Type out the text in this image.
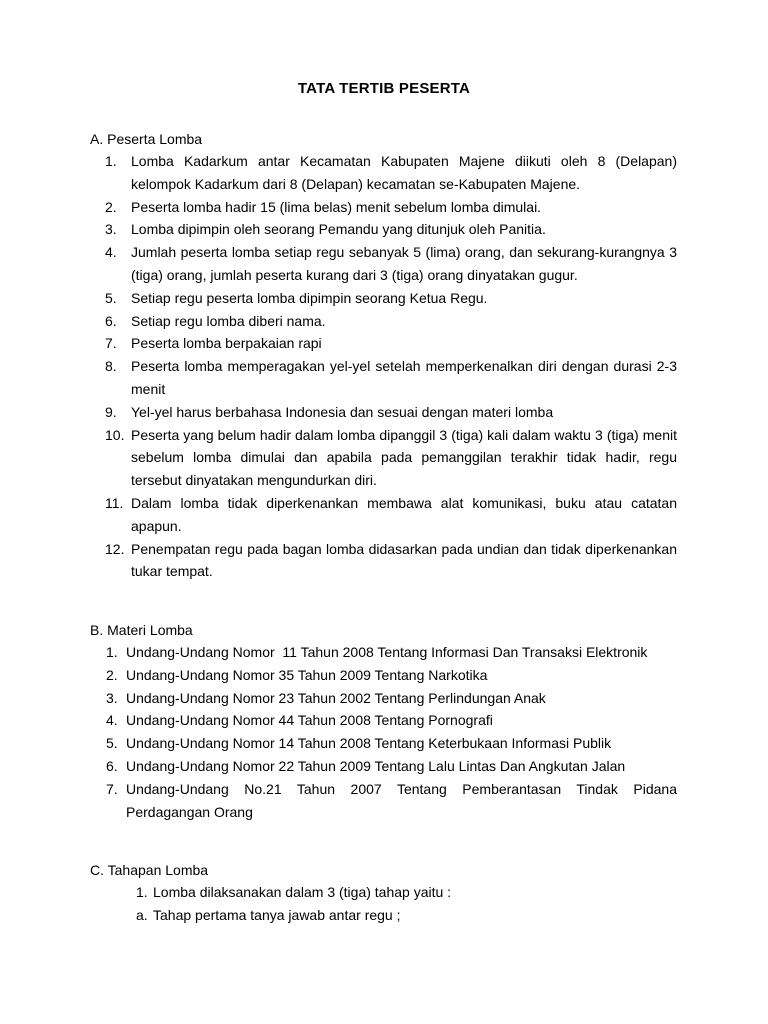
TATA TERTIB PESERTA
A. Peserta Lomba
1. Lomba Kadarkum antar Kecamatan Kabupaten Majene diikuti oleh 8 (Delapan) kelompok Kadarkum dari 8 (Delapan) kecamatan se-Kabupaten Majene.
2. Peserta lomba hadir 15 (lima belas) menit sebelum lomba dimulai.
3. Lomba dipimpin oleh seorang Pemandu yang ditunjuk oleh Panitia.
4. Jumlah peserta lomba setiap regu sebanyak 5 (lima) orang, dan sekurang-kurangnya 3 (tiga) orang, jumlah peserta kurang dari 3 (tiga) orang dinyatakan gugur.
5. Setiap regu peserta lomba dipimpin seorang Ketua Regu.
6. Setiap regu lomba diberi nama.
7. Peserta lomba berpakaian rapi
8. Peserta lomba memperagakan yel-yel setelah memperkenalkan diri dengan durasi 2-3 menit
9. Yel-yel harus berbahasa Indonesia dan sesuai dengan materi lomba
10. Peserta yang belum hadir dalam lomba dipanggil 3 (tiga) kali dalam waktu 3 (tiga) menit sebelum lomba dimulai dan apabila pada pemanggilan terakhir tidak hadir, regu tersebut dinyatakan mengundurkan diri.
11. Dalam lomba tidak diperkenankan membawa alat komunikasi, buku atau catatan apapun.
12. Penempatan regu pada bagan lomba didasarkan pada undian dan tidak diperkenankan tukar tempat.
B. Materi Lomba
1. Undang-Undang Nomor  11 Tahun 2008 Tentang Informasi Dan Transaksi Elektronik
2. Undang-Undang Nomor 35 Tahun 2009 Tentang Narkotika
3. Undang-Undang Nomor 23 Tahun 2002 Tentang Perlindungan Anak
4. Undang-Undang Nomor 44 Tahun 2008 Tentang Pornografi
5. Undang-Undang Nomor 14 Tahun 2008 Tentang Keterbukaan Informasi Publik
6. Undang-Undang Nomor 22 Tahun 2009 Tentang Lalu Lintas Dan Angkutan Jalan
7. Undang-Undang No.21 Tahun 2007 Tentang Pemberantasan Tindak Pidana Perdagangan Orang
C. Tahapan Lomba
1. Lomba dilaksanakan dalam 3 (tiga) tahap yaitu :
a. Tahap pertama tanya jawab antar regu ;
